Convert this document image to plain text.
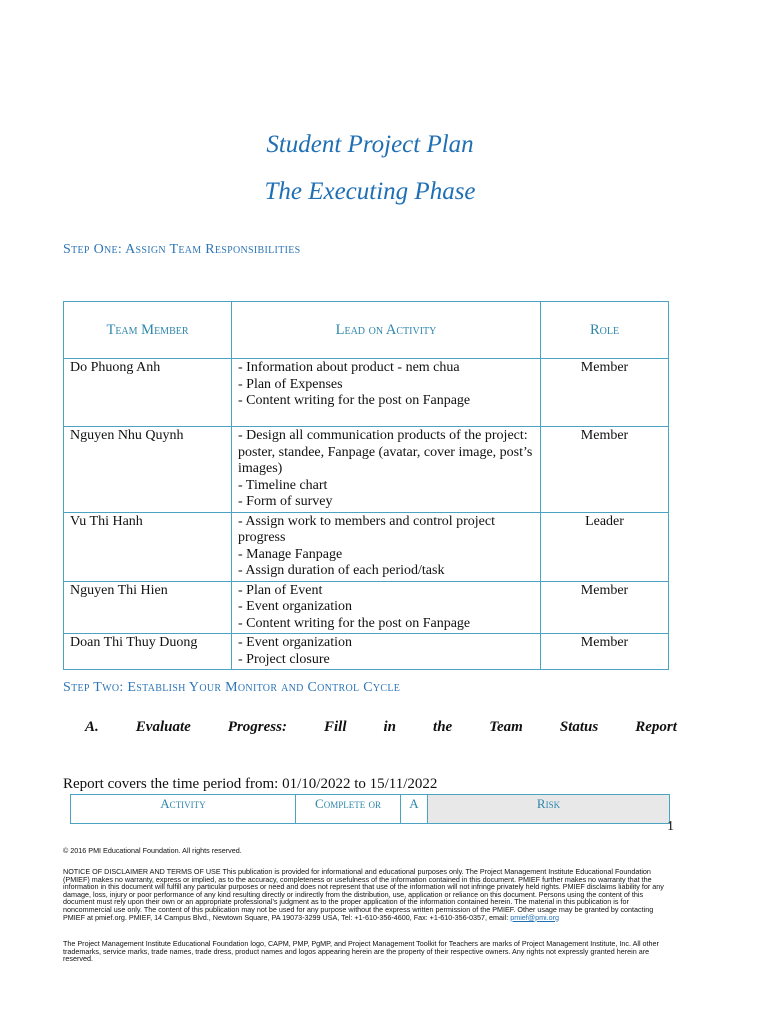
Student Project Plan
The Executing Phase
Step One: Assign Team Responsibilities
Team Member	Lead on Activity	Role
Do Phuong Anh	- Information about product - nem chua
- Plan of Expenses
- Content writing for the post on Fanpage	Member
Nguyen Nhu Quynh	- Design all communication products of the project: poster, standee, Fanpage (avatar, cover image, post’s images)
- Timeline chart
- Form of survey	Member
Vu Thi Hanh	- Assign work to members and control project progress
- Manage Fanpage
- Assign duration of each period/task	Leader
Nguyen Thi Hien	- Plan of Event
- Event organization
- Content writing for the post on Fanpage	Member
Doan Thi Thuy Duong	- Event organization
- Project closure	Member
Step Two: Establish Your Monitor and Control Cycle
A. Evaluate Progress: Fill in the Team Status Report
Report covers the time period from: 01/10/2022 to 15/11/2022
Activity	Complete or	A	Risk
1
© 2016 PMI Educational Foundation. All rights reserved.
NOTICE OF DISCLAIMER AND TERMS OF USE This publication is provided for informational and educational purposes only. The Project Management Institute Educational Foundation (PMIEF) makes no warranty, express or implied, as to the accuracy, completeness or usefulness of the information contained in this document. PMIEF further makes no warranty that the information in this document will fulfill any particular purposes or need and does not represent that use of the information will not infringe privately held rights. PMIEF disclaims liability for any damage, loss, injury or poor performance of any kind resulting directly or indirectly from the distribution, use, application or reliance on this document. Persons using the content of this document must rely upon their own or an appropriate professional’s judgment as to the proper application of the information contained herein. The material in this publication is for noncommercial use only. The content of this publication may not be used for any purpose without the express written permission of the PMIEF. Other usage may be granted by contacting PMIEF at pmief.org. PMIEF, 14 Campus Blvd., Newtown Square, PA 19073-3299 USA, Tel: +1-610-356-4600, Fax: +1-610-356-0357, email: pmief@pmi.org
The Project Management Institute Educational Foundation logo, CAPM, PMP, PgMP, and Project Management Toolkit for Teachers are marks of Project Management Institute, Inc. All other trademarks, service marks, trade names, trade dress, product names and logos appearing herein are the property of their respective owners. Any rights not expressly granted herein are reserved.
